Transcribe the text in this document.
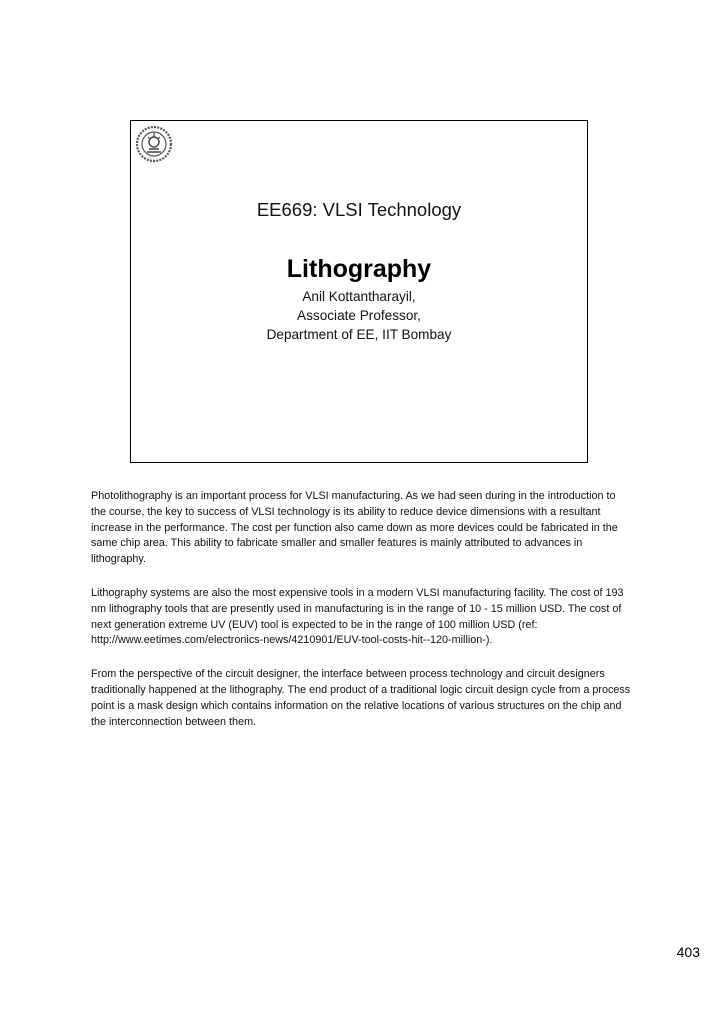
EE669: VLSI Technology
Lithography
Anil Kottantharayil,
Associate Professor,
Department of EE, IIT Bombay

Photolithography is an important process for VLSI manufacturing. As we had seen during in the introduction to the course, the key to success of VLSI technology is its ability to reduce device dimensions with a resultant increase in the performance. The cost per function also came down as more devices could be fabricated in the same chip area. This ability to fabricate smaller and smaller features is mainly attributed to advances in lithography.

Lithography systems are also the most expensive tools in a modern VLSI manufacturing facility. The cost of 193 nm lithography tools that are presently used in manufacturing is in the range of 10 - 15 million USD. The cost of next generation extreme UV (EUV) tool is expected to be in the range of 100 million USD (ref: http://www.eetimes.com/electronics-news/4210901/EUV-tool-costs-hit--120-million-).

From the perspective of the circuit designer, the interface between process technology and circuit designers traditionally happened at the lithography. The end product of a traditional logic circuit design cycle from a process point is a mask design which contains information on the relative locations of various structures on the chip and the interconnection between them.

403
